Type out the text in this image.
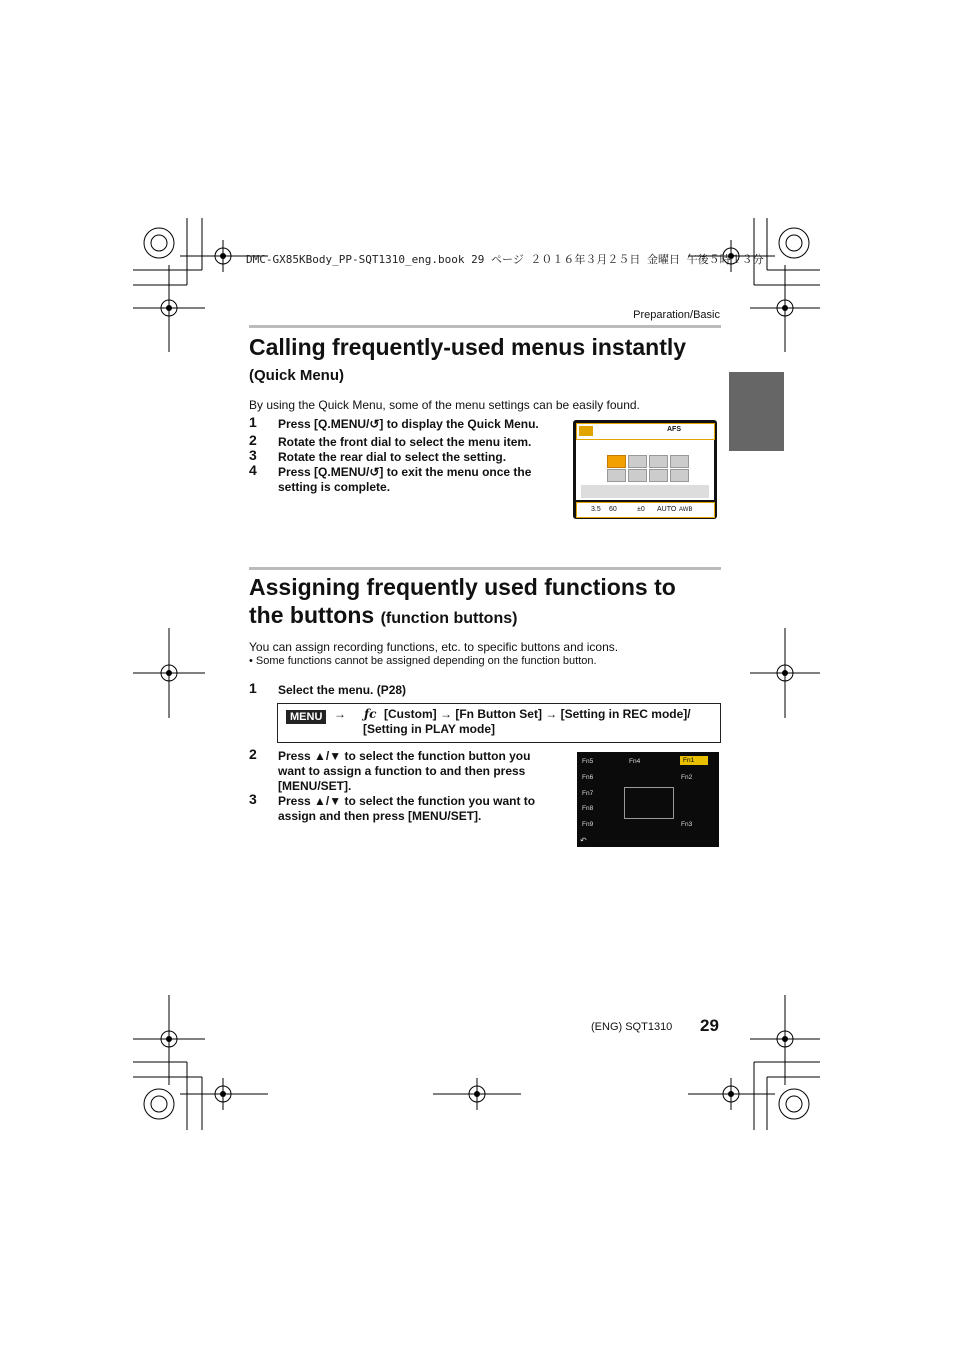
DMC-GX85KBody_PP-SQT1310_eng.book 29 ページ ２０１６年３月２５日 金曜日 午後５時１３分
Preparation/Basic
Calling frequently-used menus instantly
(Quick Menu)
By using the Quick Menu, some of the menu settings can be easily found.
1 Press [Q.MENU/↺] to display the Quick Menu.
2 Rotate the front dial to select the menu item.
3 Rotate the rear dial to select the setting.
4 Press [Q.MENU/↺] to exit the menu once the
setting is complete.
AFS
3.5 60	±0 AUTO AWB
Assigning frequently used functions to
the buttons (function buttons)
You can assign recording functions, etc. to specific buttons and icons.
• Some functions cannot be assigned depending on the function button.
1 Select the menu. (P28)
MENU → ƒc [Custom] → [Fn Button Set] → [Setting in REC mode]/
[Setting in PLAY mode]
2 Press ▲/▼ to select the function button you
want to assign a function to and then press
[MENU/SET].
3 Press ▲/▼ to select the function you want to
assign and then press [MENU/SET].
Fn5
Fn6
Fn7
Fn8
Fn9
Fn4	Fn1
Fn2
Fn3
↶
(ENG) SQT1310 29
